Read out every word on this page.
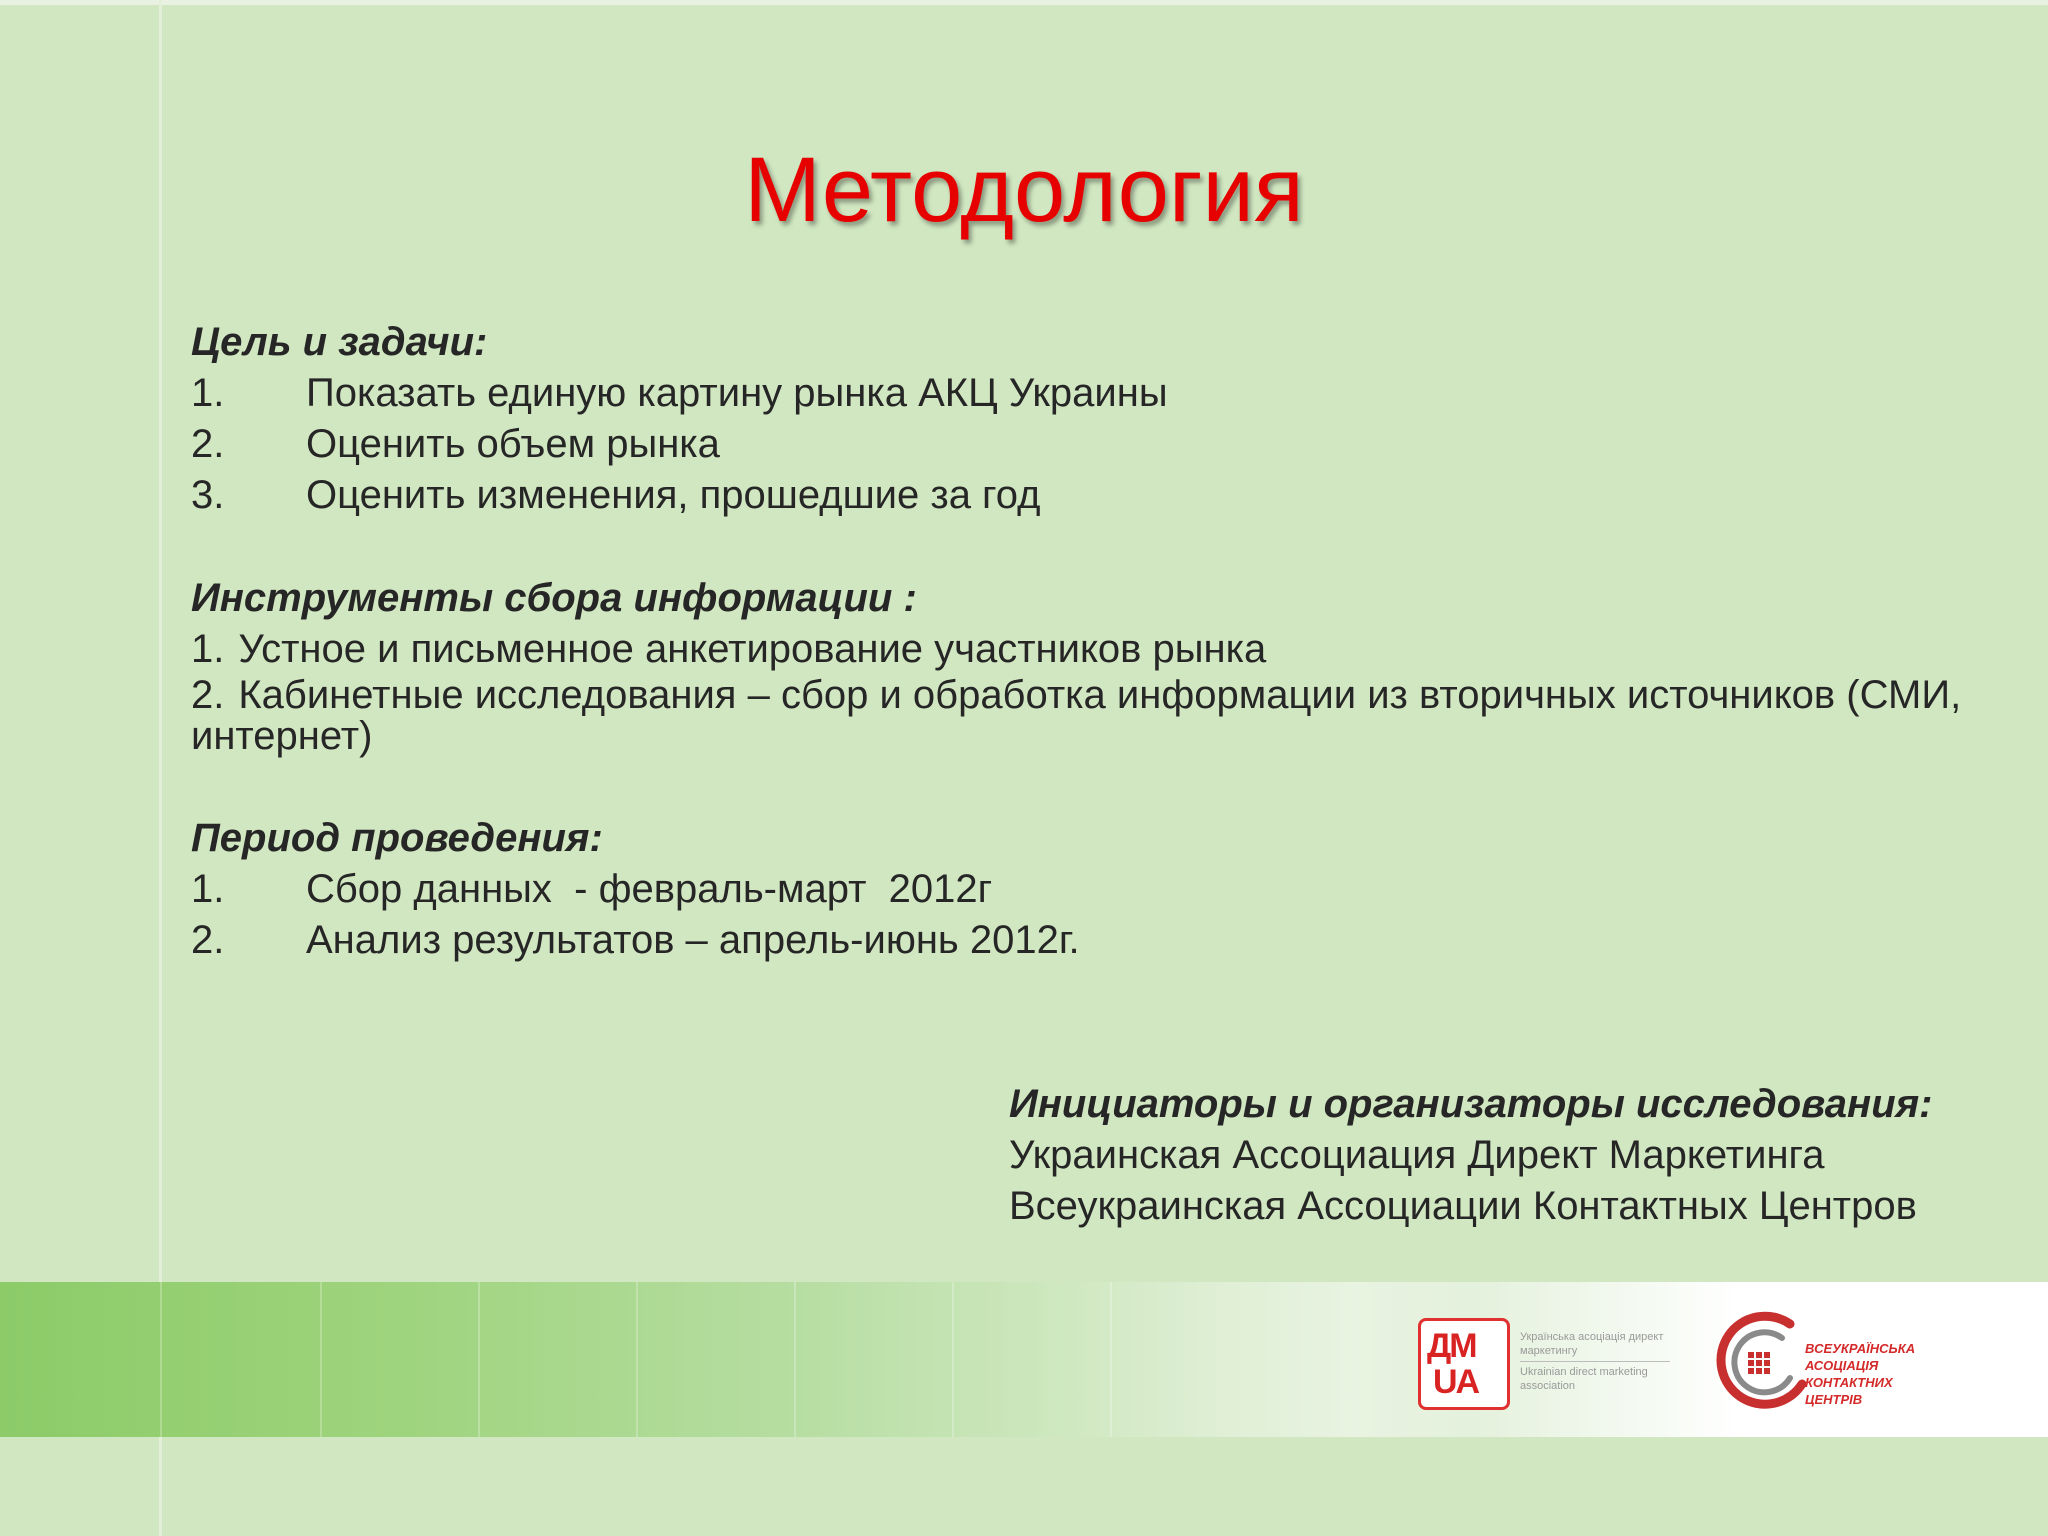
Методология
Цель и задачи:
1. Показать единую картину рынка АКЦ Украины
2. Оценить объем рынка
3. Оценить изменения, прошедшие за год
Инструменты сбора информации :
1. Устное и письменное анкетирование участников рынка
2. Кабинетные исследования – сбор и обработка информации из вторичных источников (СМИ, интернет)
Период проведения:
1. Сбор данных  - февраль-март  2012г
2. Анализ результатов – апрель-июнь 2012г.
Инициаторы и организаторы исследования:
Украинская Ассоциация Директ Маркетинга
Всеукраинская Ассоциации Контактных Центров
ДМ
UA
Українська асоціація директ маркетингу
Ukrainian direct marketing association
ВСЕУКРАЇНСЬКА АСОЦІАЦІЯ КОНТАКТНИХ ЦЕНТРІВ
